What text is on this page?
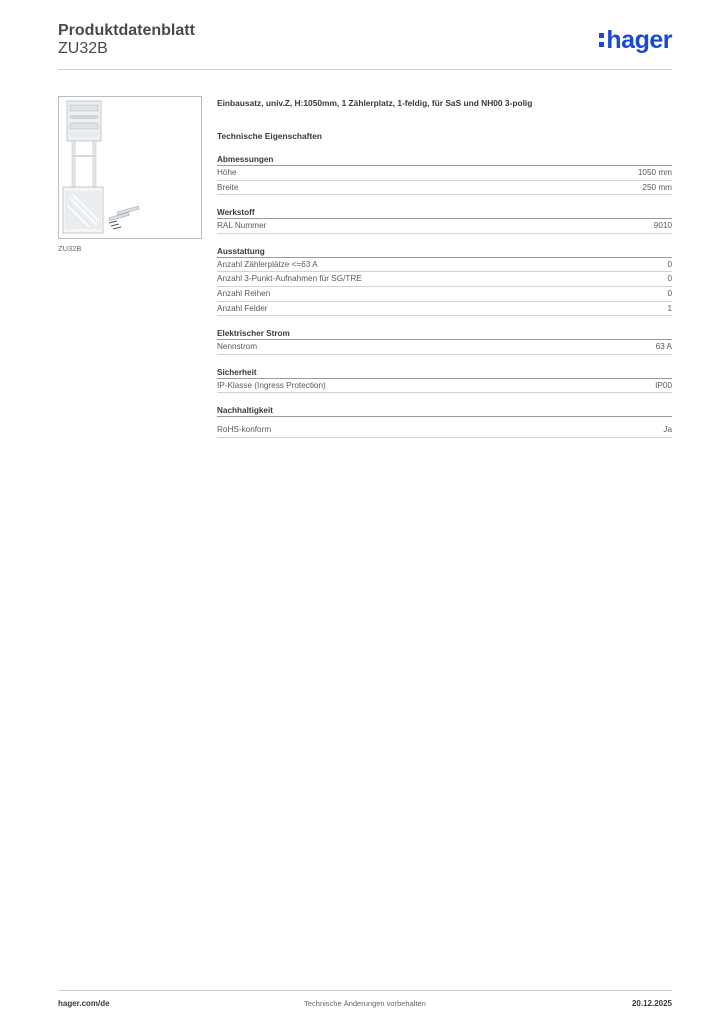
Produktdatenblatt
ZU32B	hager
ZU32B
Einbausatz, univ.Z, H:1050mm, 1 Zählerplatz, 1-feldig, für SaS und NH00 3-polig
Technische Eigenschaften
Abmessungen
Höhe	1050 mm
Breite	250 mm
Werkstoff
RAL Nummer	9010
Ausstattung
Anzahl Zählerplätze <=63 A	0
Anzahl 3-Punkt-Aufnahmen für SG/TRE	0
Anzahl Reihen	0
Anzahl Felder	1
Elektrischer Strom
Nennstrom	63 A
Sicherheit
IP-Klasse (Ingress Protection)	IP00
Nachhaltigkeit
RoHS-konform	Ja
hager.com/de	Technische Änderungen vorbehalten	20.12.2025
